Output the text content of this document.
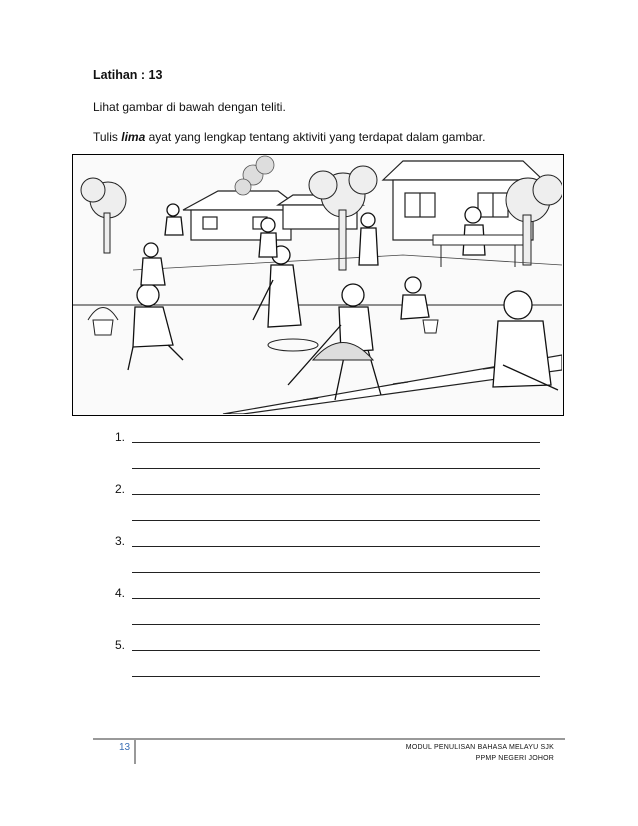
Latihan : 13
Lihat gambar di bawah dengan teliti.
Tulis lima ayat yang lengkap tentang aktiviti yang terdapat dalam gambar.
1.
2.
3.
4.
5.
13	MODUL PENULISAN BAHASA MELAYU SJK
PPMP NEGERI JOHOR
